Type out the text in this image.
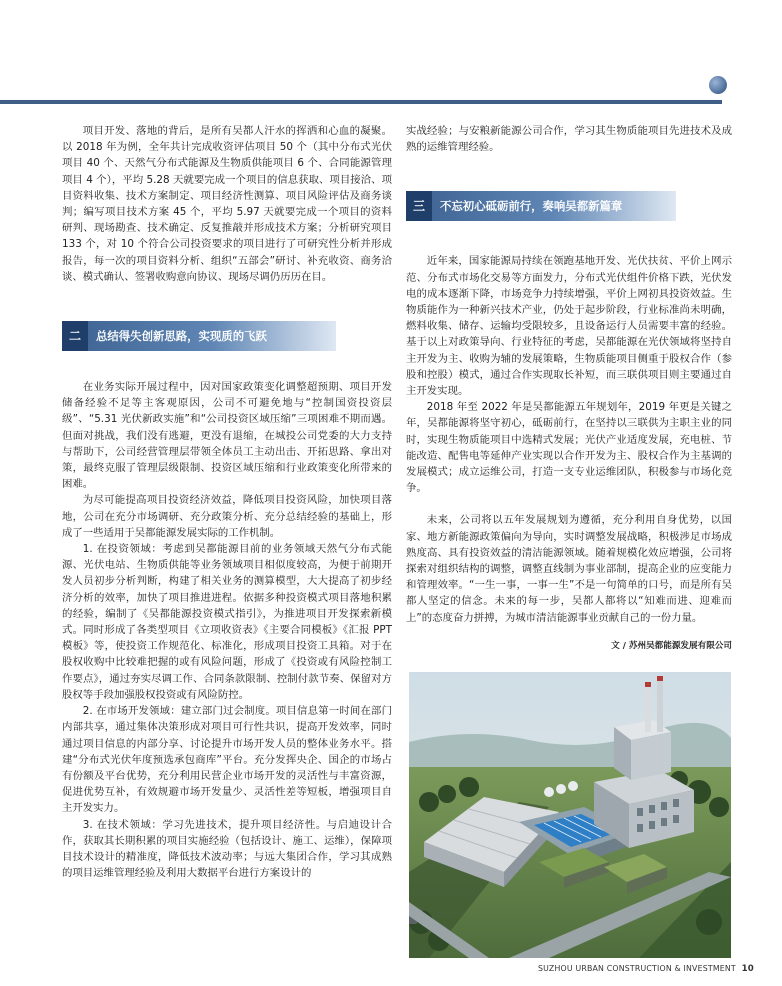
项目开发、落地的背后，是所有吴都人汗水的挥洒和心血的凝聚。以 2018 年为例，全年共计完成收资评估项目 50 个（其中分布式光伏项目 40 个、天然气分布式能源及生物质供能项目 6 个、合同能源管理项目 4 个），平均 5.28 天就要完成一个项目的信息获取、项目接洽、项目资料收集、技术方案制定、项目经济性测算、项目风险评估及商务谈判；编写项目技术方案 45 个，平均 5.97 天就要完成一个项目的资料研判、现场勘查、技术确定、反复推敲并形成技术方案；分析研究项目 133 个，对 10 个符合公司投资要求的项目进行了可研究性分析并形成报告，每一次的项目资料分析、组织“五部会”研讨、补充收资、商务洽谈、模式确认、签署收购意向协议、现场尽调仍历历在目。

二	总结得失创新思路，实现质的飞跃

在业务实际开展过程中，因对国家政策变化调整超预期、项目开发储备经验不足等主客观原因，公司不可避免地与“控制国资投资层级”、“5.31 光伏新政实施”和“公司投资区域压缩”三项困难不期而遇。但面对挑战，我们没有逃避，更没有退缩，在城投公司党委的大力支持与帮助下，公司经营管理层带领全体员工主动出击、开拓思路、拿出对策，最终克服了管理层级限制、投资区域压缩和行业政策变化所带来的困难。

为尽可能提高项目投资经济效益，降低项目投资风险，加快项目落地，公司在充分市场调研、充分政策分析、充分总结经验的基础上，形成了一些适用于吴都能源发展实际的工作机制。

1. 在投资领域：考虑到吴都能源目前的业务领域天然气分布式能源、光伏电站、生物质供能等业务领域项目相似度较高，为便于前期开发人员初步分析判断，构建了相关业务的测算模型，大大提高了初步经济分析的效率，加快了项目推进进程。依据多种投资模式项目落地积累的经验，编制了《吴都能源投资模式指引》，为推进项目开发探索新模式。同时形成了各类型项目《立项收资表》《主要合同模板》《汇报 PPT 模板》等，使投资工作规范化、标准化，形成项目投资工具箱。对于在股权收购中比较难把握的或有风险问题，形成了《投资或有风险控制工作要点》，通过夯实尽调工作、合同条款限制、控制付款节奏、保留对方股权等手段加强股权投资或有风险防控。

2. 在市场开发领域：建立部门过会制度。项目信息第一时间在部门内部共享，通过集体决策形成对项目可行性共识，提高开发效率，同时通过项目信息的内部分享、讨论提升市场开发人员的整体业务水平。搭建“分布式光伏年度预选承包商库”平台。充分发挥央企、国企的市场占有份额及平台优势，充分利用民营企业市场开发的灵活性与丰富资源，促进优势互补，有效规避市场开发量少、灵活性差等短板，增强项目自主开发实力。

3. 在技术领域：学习先进技术，提升项目经济性。与启迪设计合作，获取其长期积累的项目实施经验（包括设计、施工、运维），保障项目技术设计的精准度，降低技术波动率；与远大集团合作，学习其成熟的项目运维管理经验及利用大数据平台进行方案设计的

实战经验；与安粮新能源公司合作，学习其生物质能项目先进技术及成熟的运维管理经验。

三	不忘初心砥砺前行，奏响吴都新篇章

近年来，国家能源局持续在领跑基地开发、光伏扶贫、平价上网示范、分布式市场化交易等方面发力，分布式光伏组件价格下跌，光伏发电的成本逐渐下降，市场竞争力持续增强，平价上网初具投资效益。生物质能作为一种新兴技术产业，仍处于起步阶段，行业标准尚未明确，燃料收集、储存、运输均受限较多，且设备运行人员需要丰富的经验。基于以上对政策导向、行业特征的考虑，吴都能源在光伏领域将坚持自主开发为主、收购为辅的发展策略，生物质能项目侧重于股权合作（参股和控股）模式，通过合作实现取长补短，而三联供项目则主要通过自主开发实现。

2018 年至 2022 年是吴都能源五年规划年，2019 年更是关键之年，吴都能源将坚守初心，砥砺前行，在坚持以三联供为主职主业的同时，实现生物质能项目中选精式发展；光伏产业适度发展，充电桩、节能改造、配售电等延伸产业实现以合作开发为主、股权合作为主基调的发展模式；成立运维公司，打造一支专业运维团队，积极参与市场化竞争。

未来，公司将以五年发展规划为遵循，充分利用自身优势，以国家、地方新能源政策偏向为导向，实时调整发展战略，积极涉足市场成熟度高、具有投资效益的清洁能源领域。随着规模化效应增强，公司将探索对组织结构的调整，调整直线制为事业部制，提高企业的应变能力和管理效率。“一生一事，一事一生”不是一句简单的口号，而是所有吴都人坚定的信念。未来的每一步，吴都人都将以“知难而进、迎难而上”的态度奋力拼搏，为城市清洁能源事业贡献自己的一份力量。

文 / 苏州吴都能源发展有限公司
SUZHOU URBAN CONSTRUCTION & INVESTMENT 10
